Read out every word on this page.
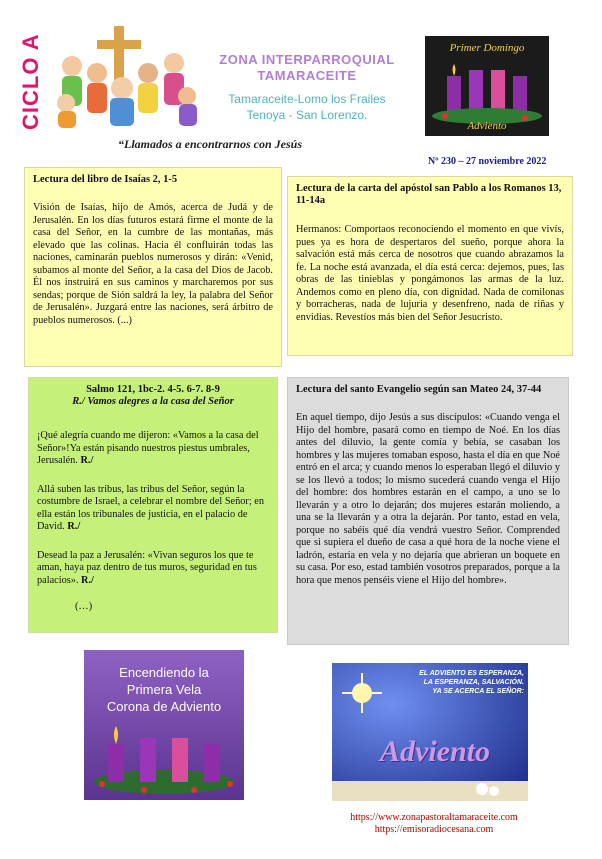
CICLO A	ZONA INTERPARROQUIAL
TAMARACEITE
Tamaraceite-Lomo los Frailes
Tenoya - San Lorenzo.
“Llamados a encontrarnos con Jesús
Primer Domingo
Adviento
Nº 230 – 27 noviembre 2022
Lectura del libro de Isaías 2, 1-5

Visión de Isaías, hijo de Amós, acerca de Judá y de Jerusalén. En los días futuros estará firme el monte de la casa del Señor, en la cumbre de las montañas, más elevado que las colinas. Hacia él confluirán todas las naciones, caminarán pueblos numerosos y dirán: «Venid, subamos al monte del Señor, a la casa del Dios de Jacob. Él nos instruirá en sus caminos y marcharemos por sus sendas; porque de Sión saldrá la ley, la palabra del Señor de Jerusalén». Juzgará entre las naciones, será árbitro de pueblos numerosos. (...)

Lectura de la carta del apóstol san Pablo a los Romanos 13, 11-14a

Hermanos: Comportaos reconociendo el momento en que vivís, pues ya es hora de despertaros del sueño, porque ahora la salvación está más cerca de nosotros que cuando abrazamos la fe. La noche está avanzada, el día está cerca: dejemos, pues, las obras de las tinieblas y pongámonos las armas de la luz. Andemos como en pleno día, con dignidad. Nada de comilonas y borracheras, nada de lujuria y desenfreno, nada de riñas y envidias. Revestíos más bien del Señor Jesucristo.

Salmo 121, 1bc-2. 4-5. 6-7. 8-9
R./ Vamos alegres a la casa del Señor

¡Qué alegría cuando me dijeron: «Vamos a la casa del Señor»!Ya están pisando nuestros piestus umbrales, Jerusalén. R./

Allá suben las tribus, las tribus del Señor, según la costumbre de Israel, a celebrar el nombre del Señor; en ella están los tribunales de justicia, en el palacio de David. R./

Desead la paz a Jerusalén: «Vivan seguros los que te aman, haya paz dentro de tus muros, seguridad en tus palacios». R./

(…)

Lectura del santo Evangelio según san Mateo 24, 37-44

En aquel tiempo, dijo Jesús a sus discípulos: «Cuando venga el Hijo del hombre, pasará como en tiempo de Noé. En los días antes del diluvio, la gente comía y bebía, se casaban los hombres y las mujeres tomaban esposo, hasta el día en que Noé entró en el arca; y cuando menos lo esperaban llegó el diluvio y se los llevó a todos; lo mismo sucederá cuando venga el Hijo del hombre: dos hombres estarán en el campo, a uno se lo llevarán y a otro lo dejarán; dos mujeres estarán moliendo, a una se la llevarán y a otra la dejarán. Por tanto, estad en vela, porque no sabéis qué día vendrá vuestro Señor. Comprended que si supiera el dueño de casa a qué hora de la noche viene el ladrón, estaría en vela y no dejaría que abrieran un boquete en su casa. Por eso, estad también vosotros preparados, porque a la hora que menos penséis viene el Hijo del hombre».

Encendiendo la
Primera Vela
Corona de Adviento
EL ADVIENTO ES ESPERANZA,
LA ESPERANZA, SALVACIÓN.
YA SE ACERCA EL SEÑOR:
Adviento
https://www.zonapastoraltamaraceite.com
https://emisoradiocesana.com
